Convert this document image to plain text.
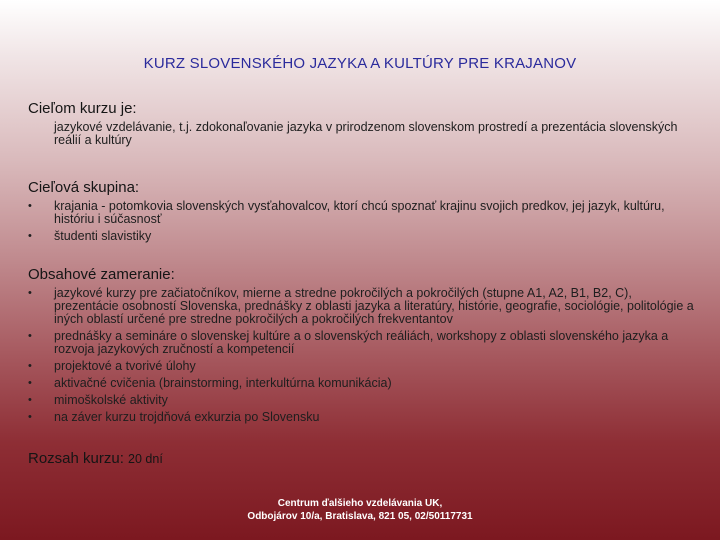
KURZ SLOVENSKÉHO JAZYKA A KULTÚRY PRE KRAJANOV
Cieľom kurzu je:
jazykové vzdelávanie, t.j. zdokonaľovanie jazyka v prirodzenom slovenskom prostredí a prezentácia slovenských reálií a kultúry
Cieľová skupina:
• krajania - potomkovia slovenských vysťahovalcov, ktorí chcú spoznať krajinu svojich predkov, jej jazyk, kultúru, históriu i súčasnosť
• študenti slavistiky
Obsahové zameranie:
• jazykové kurzy pre začiatočníkov, mierne a stredne pokročilých a pokročilých (stupne A1, A2, B1, B2, C), prezentácie osobností Slovenska, prednášky z oblasti jazyka a literatúry, histórie, geografie, sociológie, politológie a iných oblastí určené pre stredne pokročilých a pokročilých frekventantov
• prednášky a semináre o slovenskej kultúre a o slovenských reáliách, workshopy z oblasti slovenského jazyka a rozvoja jazykových zručností a kompetencií
• projektové a tvorivé úlohy
• aktivačné cvičenia (brainstorming, interkultúrna komunikácia)
• mimoškolské aktivity
• na záver kurzu trojdňová exkurzia po Slovensku
Rozsah kurzu: 20 dní
Centrum ďalšieho vzdelávania UK,
Odbojárov 10/a, Bratislava, 821 05, 02/50117731
